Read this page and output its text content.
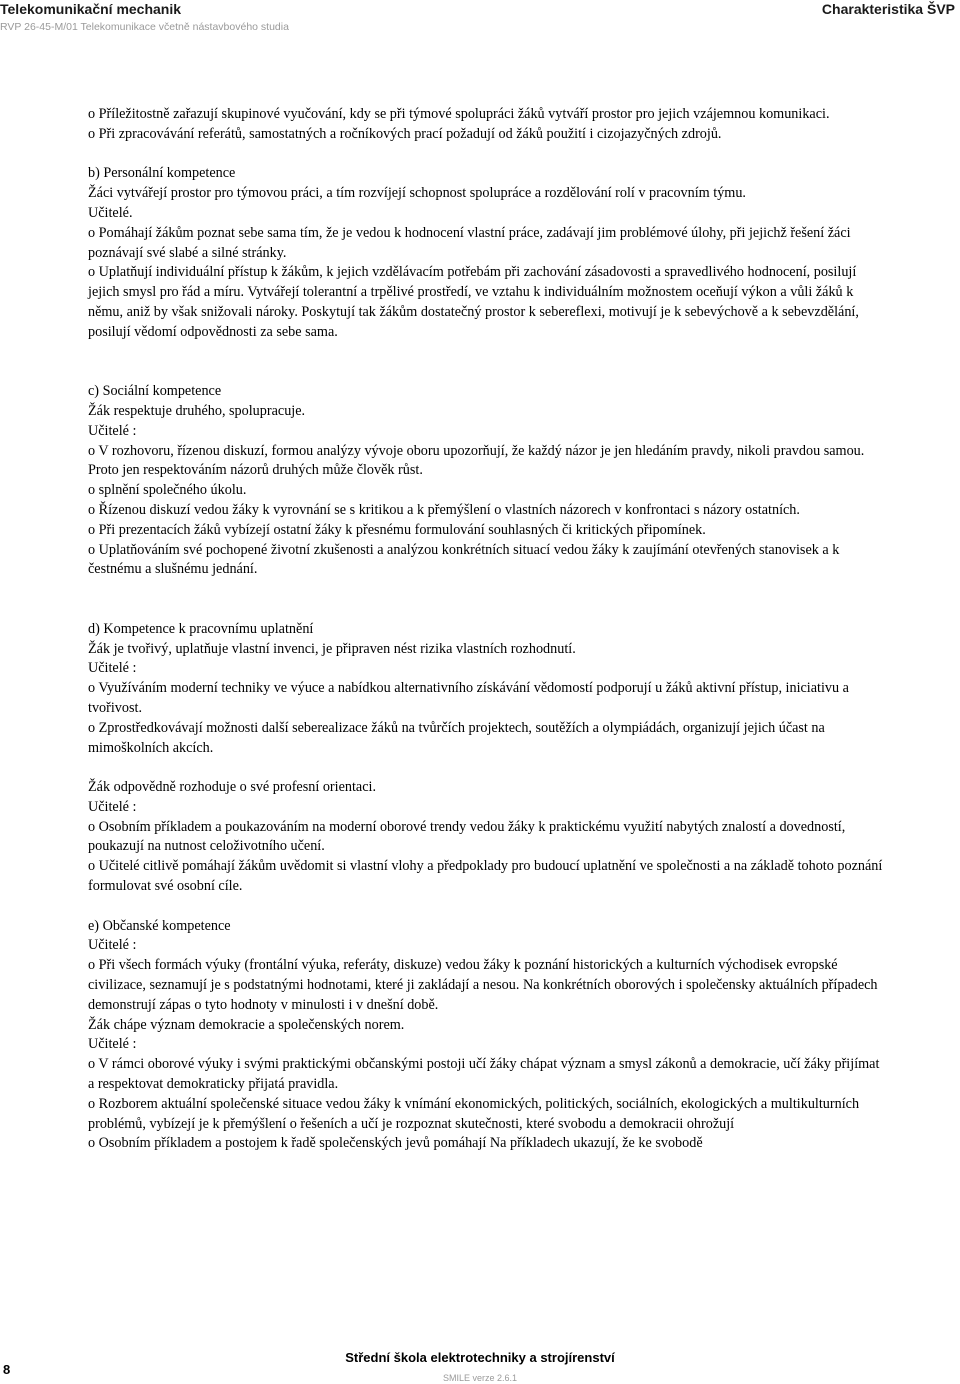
Telekomunikační mechanik
RVP 26-45-M/01 Telekomunikace včetně nástavbového studia
Charakteristika ŠVP

o Příležitostně zařazují skupinové vyučování, kdy se při týmové spolupráci žáků vytváří prostor pro jejich vzájemnou komunikaci.

o Při zpracovávání referátů, samostatných a ročníkových prací požadují od žáků použití i cizojazyčných zdrojů.

b) Personální kompetence

Žáci vytvářejí prostor pro týmovou práci, a tím rozvíjejí schopnost spolupráce a rozdělování rolí v pracovním týmu.

Učitelé.

o Pomáhají žákům poznat sebe sama tím, že je vedou k hodnocení vlastní práce, zadávají jim problémové úlohy, při jejichž řešení žáci poznávají své slabé a silné stránky.

o Uplatňují individuální přístup k žákům, k jejich vzdělávacím potřebám při zachování zásadovosti a spravedlivého hodnocení, posilují jejich smysl pro řád a míru. Vytvářejí tolerantní a trpělivé prostředí, ve vztahu k individuálním možnostem oceňují výkon a vůli žáků k němu, aniž by však snižovali nároky. Poskytují tak žákům dostatečný prostor k sebereflexi, motivují je k sebevýchově a k sebevzdělání, posilují vědomí odpovědnosti za sebe sama.

c) Sociální kompetence

Žák respektuje druhého, spolupracuje.

Učitelé :

o V rozhovoru, řízenou diskuzí, formou analýzy vývoje oboru upozorňují, že každý názor je jen hledáním pravdy, nikoli pravdou samou. Proto jen respektováním názorů druhých může člověk růst.

o splnění společného úkolu.

o Řízenou diskuzí vedou žáky k vyrovnání se s kritikou a k přemýšlení o vlastních názorech v konfrontaci s názory ostatních.

o Při prezentacích žáků vybízejí ostatní žáky k přesnému formulování souhlasných či kritických připomínek.

o Uplatňováním své pochopené životní zkušenosti a analýzou konkrétních situací vedou žáky k zaujímání otevřených stanovisek a k čestnému a slušnému jednání.

d) Kompetence k pracovnímu uplatnění

Žák je tvořivý, uplatňuje vlastní invenci, je připraven nést rizika vlastních rozhodnutí.

Učitelé :

o Využíváním moderní techniky ve výuce a nabídkou alternativního získávání vědomostí podporují u žáků aktivní přístup, iniciativu a tvořivost.

o Zprostředkovávají možnosti další seberealizace žáků na tvůrčích projektech, soutěžích a olympiádách, organizují jejich účast na mimoškolních akcích.

Žák odpovědně rozhoduje o své profesní orientaci.

Učitelé :

o Osobním příkladem a poukazováním na moderní oborové trendy vedou žáky k praktickému využití nabytých znalostí a dovedností, poukazují na nutnost celoživotního učení.

o Učitelé citlivě pomáhají žákům uvědomit si vlastní vlohy a předpoklady pro budoucí uplatnění ve společnosti a na základě tohoto poznání formulovat své osobní cíle.

e) Občanské kompetence

Učitelé :

o Při všech formách výuky (frontální výuka, referáty, diskuze) vedou žáky k poznání historických a kulturních východisek evropské civilizace, seznamují je s podstatnými hodnotami, které ji zakládají a nesou. Na konkrétních oborových i společensky aktuálních případech demonstrují zápas o tyto hodnoty v minulosti i v dnešní době.

Žák chápe význam demokracie a společenských norem.

Učitelé :

o V rámci oborové výuky i svými praktickými občanskými postoji učí žáky chápat význam a smysl zákonů a demokracie, učí žáky přijímat a respektovat demokraticky přijatá pravidla.

o Rozborem aktuální společenské situace vedou žáky k vnímání ekonomických, politických, sociálních, ekologických a multikulturních problémů, vybízejí je k přemýšlení o řešeních a učí je rozpoznat skutečnosti, které svobodu a demokracii ohrožují

o Osobním příkladem a postojem k řadě společenských jevů pomáhají Na příkladech ukazují, že ke svobodě

8
Střední škola elektrotechniky a strojírenství
SMILE verze 2.6.1
